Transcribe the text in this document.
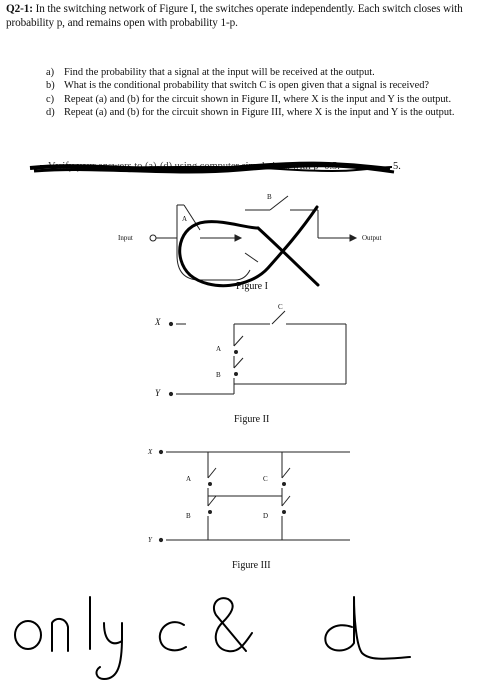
Q2-1: In the switching network of Figure I, the switches operate independently. Each switch closes with probability p, and remains open with probability 1-p.
a) Find the probability that a signal at the input will be received at the output.
b) What is the conditional probability that switch C is open given that a signal is received?
c) Repeat (a) and (b) for the circuit shown in Figure II, where X is the input and Y is the output.
d) Repeat (a) and (b) for the circuit shown in Figure III, where X is the input and Y is the output.
Verify your answers to (a)-(d) using computer simulations with p=0.5.	5.
Input	Output
A
B
Figure I
X
Y
C
A
B
Figure II
X
Y
A
B
C
D
Figure III
only c & d
